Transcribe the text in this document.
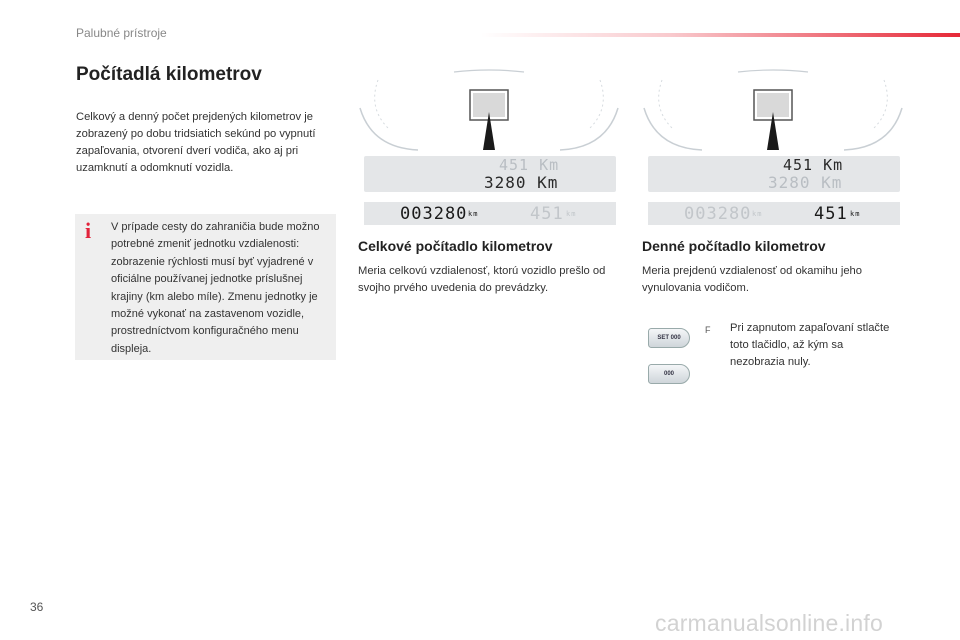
Palubné prístroje
Počítadlá kilometrov
Celkový a denný počet prejdených kilometrov je zobrazený po dobu tridsiatich sekúnd po vypnutí zapaľovania, otvorení dverí vodiča, ako aj pri uzamknutí a odomknutí vozidla.
i	V prípade cesty do zahraničia bude možno potrebné zmeniť jednotku vzdialenosti: zobrazenie rýchlosti musí byť vyjadrené v oficiálne používanej jednotke príslušnej krajiny (km alebo míle). Zmenu jednotky je možné vykonať na zastavenom vozidle, prostredníctvom konfiguračného menu displeja.
451 Km
3280 Km
003280 km	451 km
Celkové počítadlo kilometrov
Meria celkovú vzdialenosť, ktorú vozidlo prešlo od svojho prvého uvedenia do prevádzky.
451 Km
3280 Km
003280 km	451 km
Denné počítadlo kilometrov
Meria prejdenú vzdialenosť od okamihu jeho vynulovania vodičom.
SET 000
000
F Pri zapnutom zapaľovaní stlačte toto tlačidlo, až kým sa nezobrazia nuly.
36
carmanualsonline.info
